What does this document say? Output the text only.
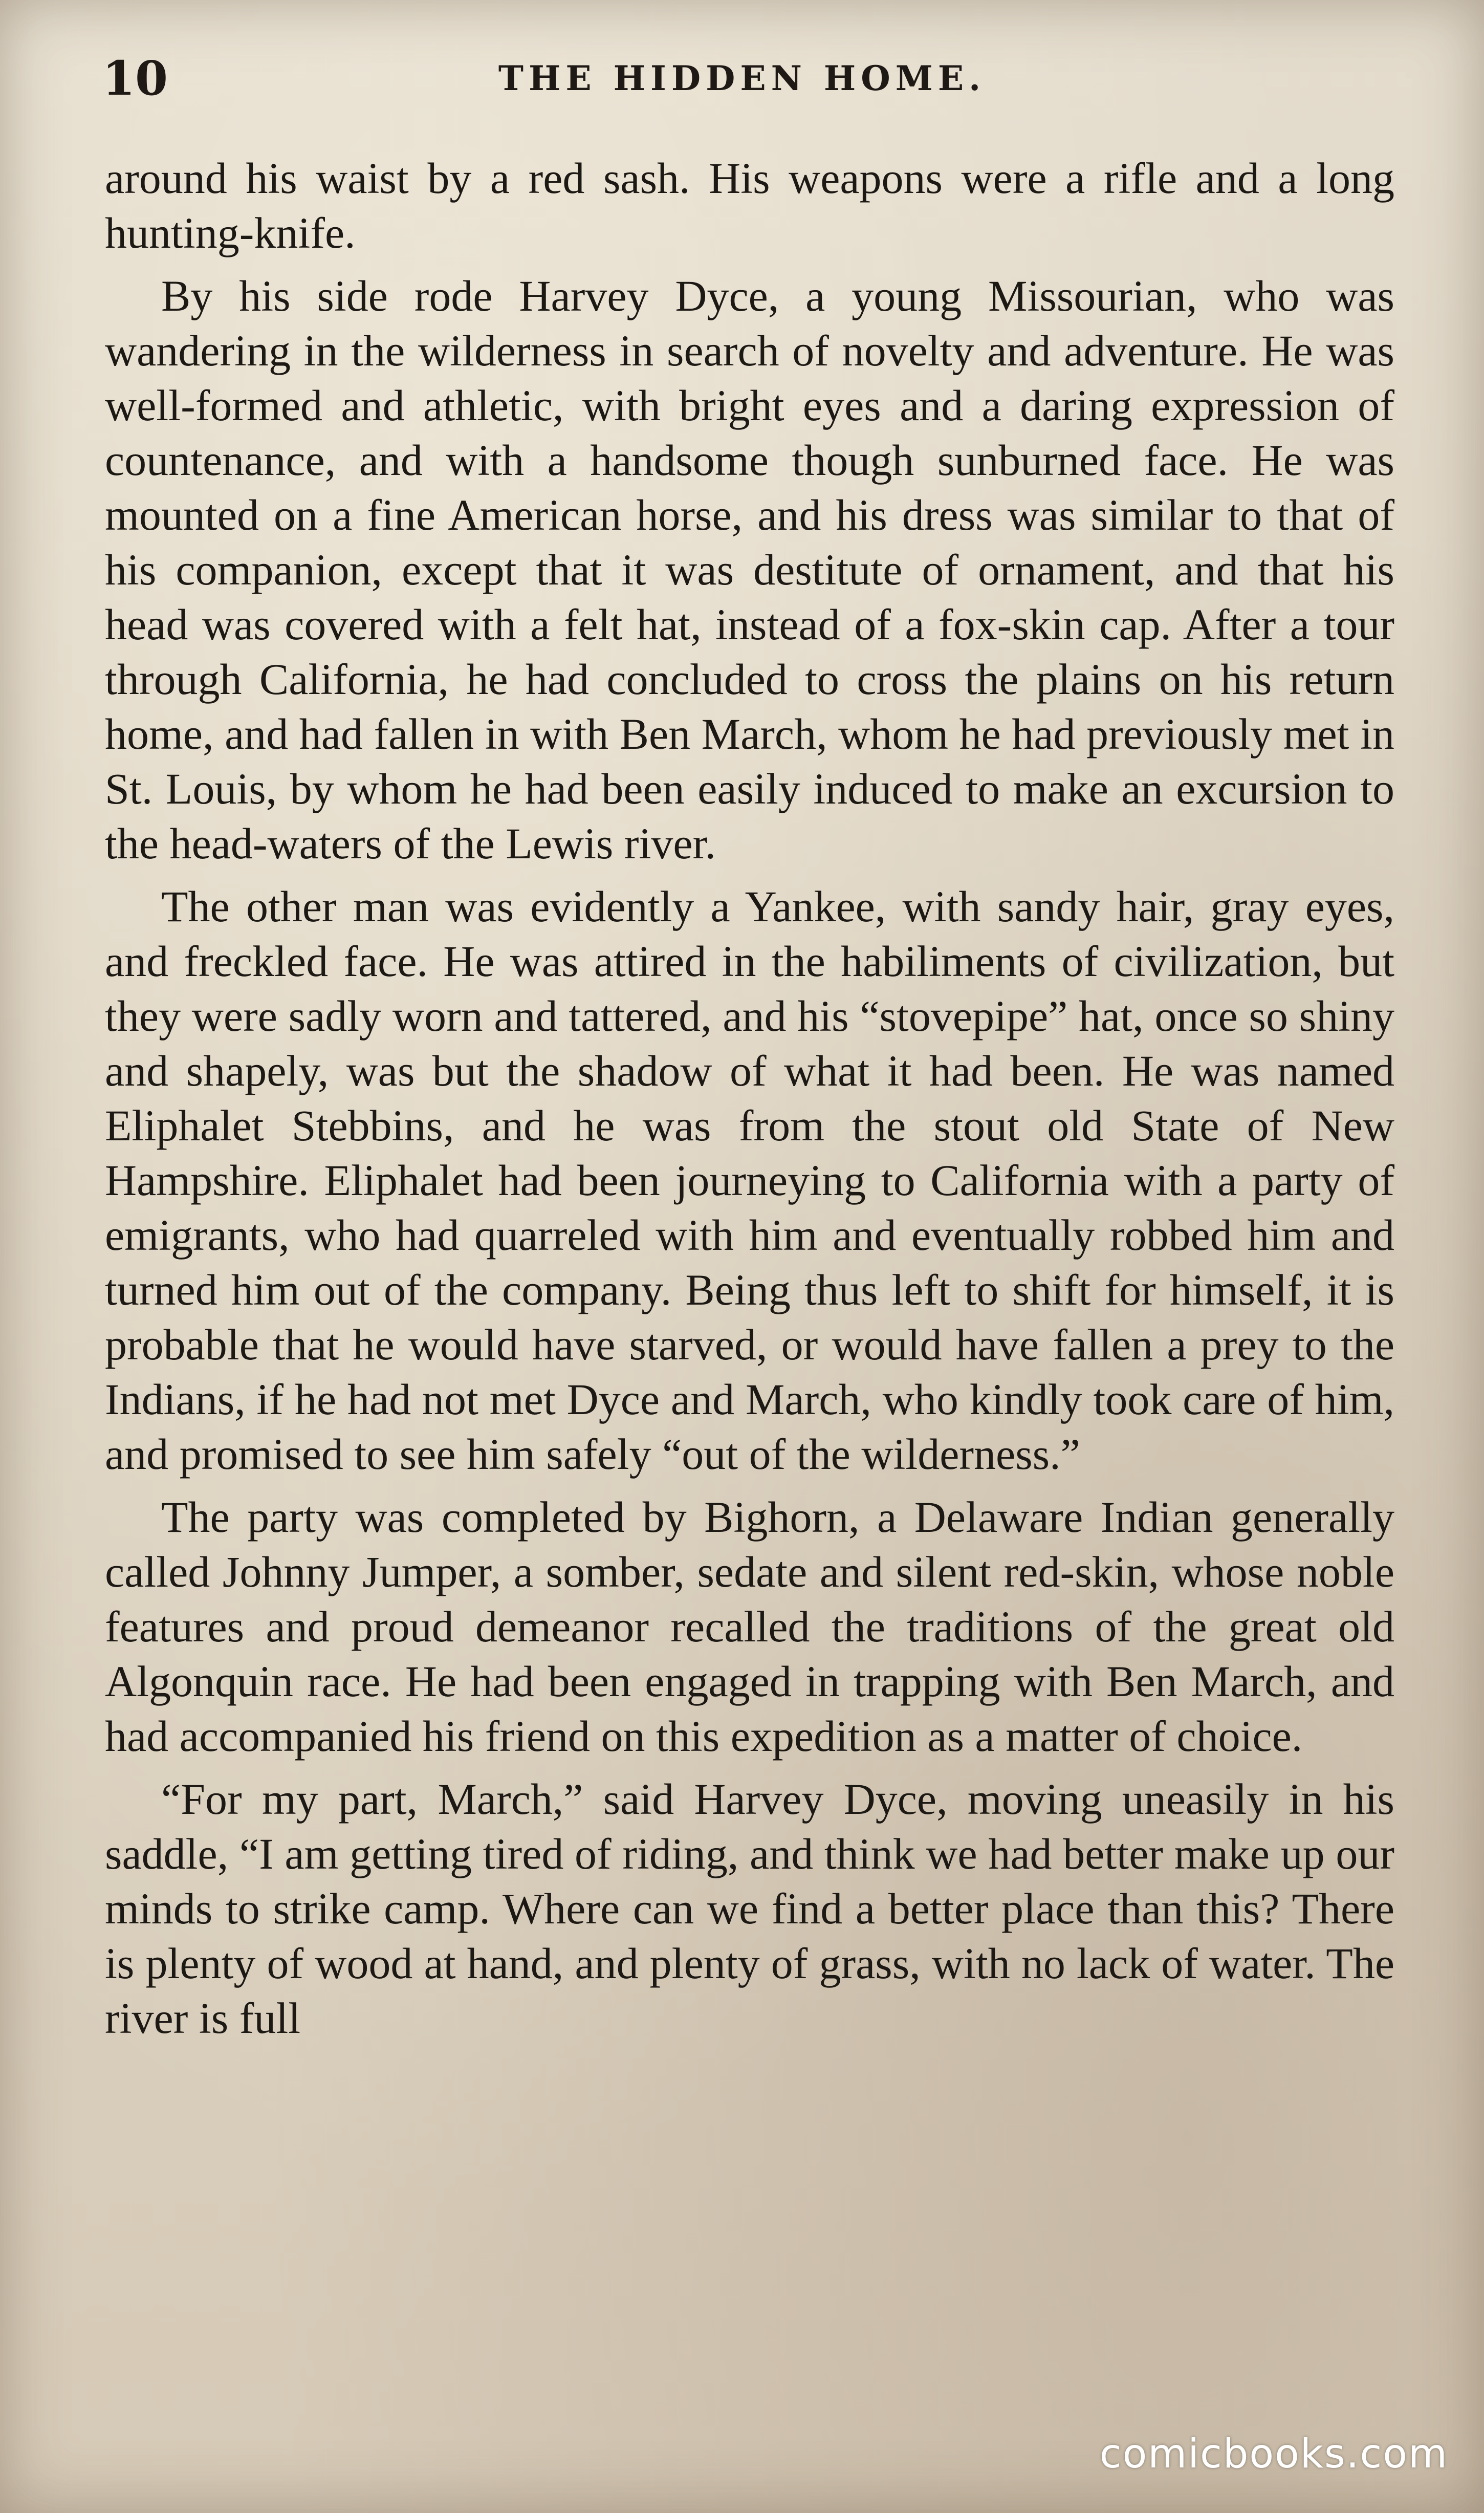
10	THE HIDDEN HOME.

around his waist by a red sash. His weapons were a rifle and a long hunting-knife.

By his side rode Harvey Dyce, a young Missourian, who was wandering in the wilderness in search of novelty and adventure. He was well-formed and athletic, with bright eyes and a daring expression of countenance, and with a handsome though sunburned face. He was mounted on a fine American horse, and his dress was similar to that of his companion, except that it was destitute of ornament, and that his head was covered with a felt hat, instead of a fox-skin cap. After a tour through California, he had concluded to cross the plains on his return home, and had fallen in with Ben March, whom he had previously met in St. Louis, by whom he had been easily induced to make an excursion to the head-waters of the Lewis river.

The other man was evidently a Yankee, with sandy hair, gray eyes, and freckled face. He was attired in the habiliments of civilization, but they were sadly worn and tattered, and his “stovepipe” hat, once so shiny and shapely, was but the shadow of what it had been. He was named Eliphalet Stebbins, and he was from the stout old State of New Hampshire. Eliphalet had been journeying to California with a party of emigrants, who had quarreled with him and eventually robbed him and turned him out of the company. Being thus left to shift for himself, it is probable that he would have starved, or would have fallen a prey to the Indians, if he had not met Dyce and March, who kindly took care of him, and promised to see him safely “out of the wilderness.”

The party was completed by Bighorn, a Delaware Indian generally called Johnny Jumper, a somber, sedate and silent red-skin, whose noble features and proud demeanor recalled the traditions of the great old Algonquin race. He had been engaged in trapping with Ben March, and had accompanied his friend on this expedition as a matter of choice.

“For my part, March,” said Harvey Dyce, moving uneasily in his saddle, “I am getting tired of riding, and think we had better make up our minds to strike camp. Where can we find a better place than this? There is plenty of wood at hand, and plenty of grass, with no lack of water. The river is full

comicbooks.com
